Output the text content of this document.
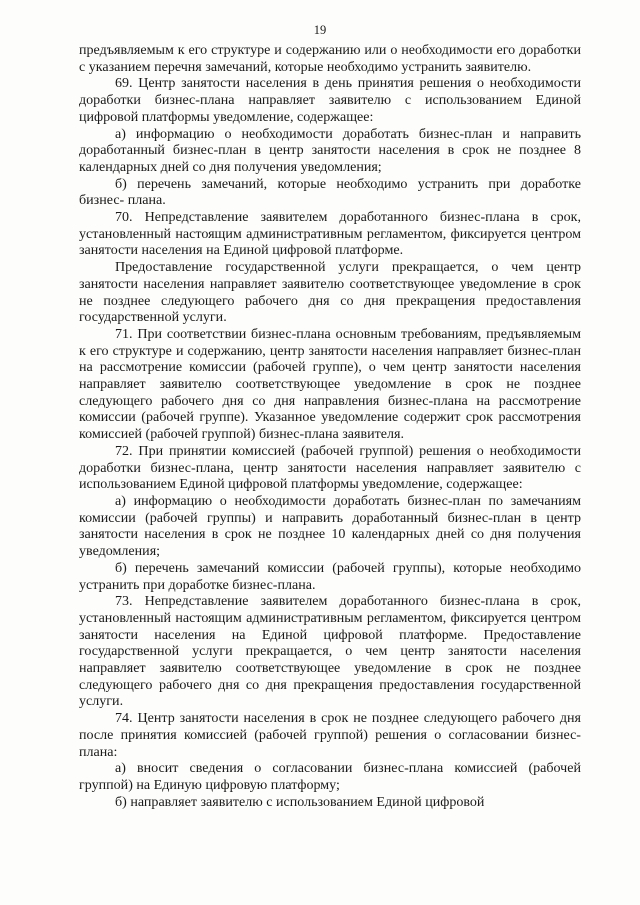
19

предъявляемым к его структуре и содержанию или о необходимости его доработки с указанием перечня замечаний, которые необходимо устранить заявителю.

69. Центр занятости населения в день принятия решения о необходимости доработки бизнес-плана направляет заявителю с использованием Единой цифровой платформы уведомление, содержащее:

а) информацию о необходимости доработать бизнес-план и направить доработанный бизнес-план в центр занятости населения в срок не позднее 8 календарных дней со дня получения уведомления;

б) перечень замечаний, которые необходимо устранить при доработке бизнес- плана.

70. Непредставление заявителем доработанного бизнес-плана в срок, установленный настоящим административным регламентом, фиксируется центром занятости населения на Единой цифровой платформе.

Предоставление государственной услуги прекращается, о чем центр занятости населения направляет заявителю соответствующее уведомление в срок не позднее следующего рабочего дня со дня прекращения предоставления государственной услуги.

71. При соответствии бизнес-плана основным требованиям, предъявляемым к его структуре и содержанию, центр занятости населения направляет бизнес-план на рассмотрение комиссии (рабочей группе), о чем центр занятости населения направляет заявителю соответствующее уведомление в срок не позднее следующего рабочего дня со дня направления бизнес-плана на рассмотрение комиссии (рабочей группе). Указанное уведомление содержит срок рассмотрения комиссией (рабочей группой) бизнес-плана заявителя.

72. При принятии комиссией (рабочей группой) решения о необходимости доработки бизнес-плана, центр занятости населения направляет заявителю с использованием Единой цифровой платформы уведомление, содержащее:

а) информацию о необходимости доработать бизнес-план по замечаниям комиссии (рабочей группы) и направить доработанный бизнес-план в центр занятости населения в срок не позднее 10 календарных дней со дня получения уведомления;

б) перечень замечаний комиссии (рабочей группы), которые необходимо устранить при доработке бизнес-плана.

73. Непредставление заявителем доработанного бизнес-плана в срок, установленный настоящим административным регламентом, фиксируется центром занятости населения на Единой цифровой платформе. Предоставление государственной услуги прекращается, о чем центр занятости населения направляет заявителю соответствующее уведомление в срок не позднее следующего рабочего дня со дня прекращения предоставления государственной услуги.

74. Центр занятости населения в срок не позднее следующего рабочего дня после принятия комиссией (рабочей группой) решения о согласовании бизнес-плана:

а) вносит сведения о согласовании бизнес-плана комиссией (рабочей группой) на Единую цифровую платформу;

б) направляет заявителю с использованием Единой цифровой
